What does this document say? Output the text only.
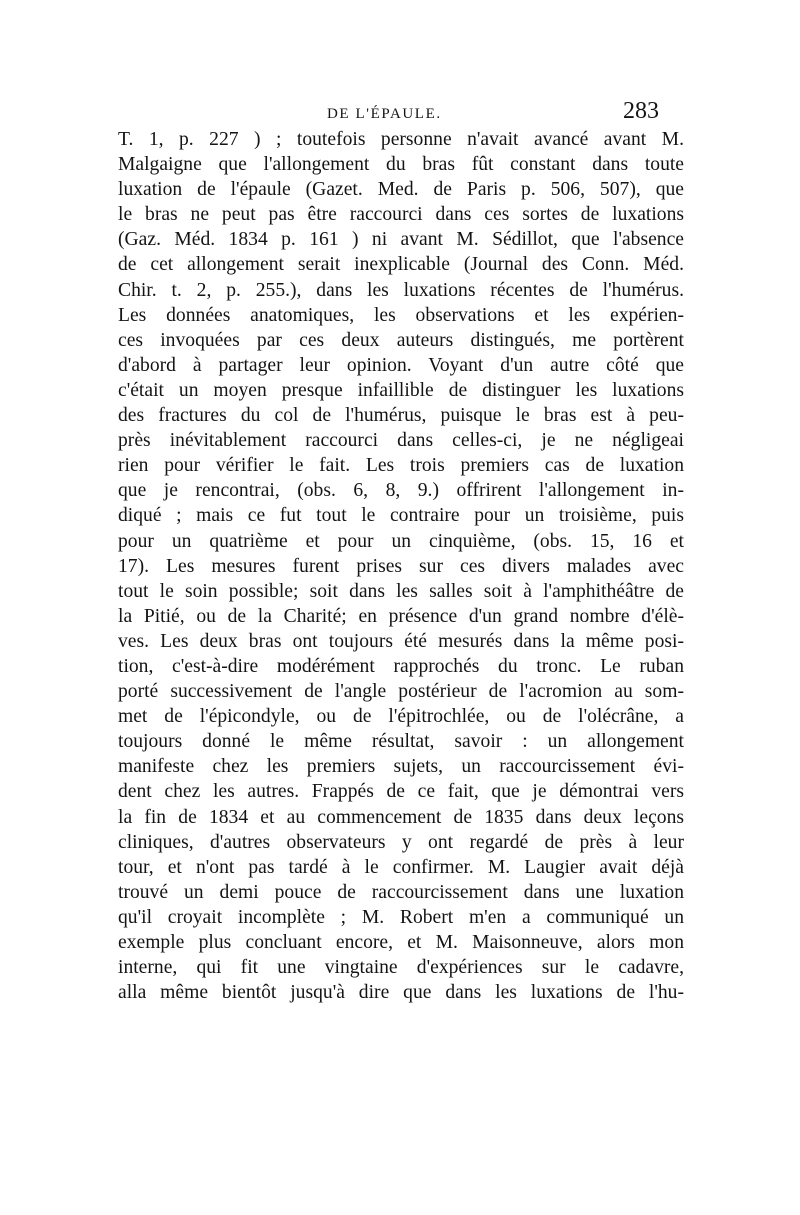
DE L'ÉPAULE.	283
T. 1, p. 227 ) ; toutefois personne n'avait avancé avant M.
Malgaigne que l'allongement du bras fût constant dans toute
luxation de l'épaule (Gazet. Med. de Paris p. 506, 507), que
le bras ne peut pas être raccourci dans ces sortes de luxations
(Gaz. Méd. 1834 p. 161 ) ni avant M. Sédillot, que l'absence
de cet allongement serait inexplicable (Journal des Conn. Méd.
Chir. t. 2, p. 255.), dans les luxations récentes de l'humérus.
Les données anatomiques, les observations et les expérien-
ces invoquées par ces deux auteurs distingués, me portèrent
d'abord à partager leur opinion. Voyant d'un autre côté que
c'était un moyen presque infaillible de distinguer les luxations
des fractures du col de l'humérus, puisque le bras est à peu-
près inévitablement raccourci dans celles-ci, je ne négligeai
rien pour vérifier le fait. Les trois premiers cas de luxation
que je rencontrai, (obs. 6, 8, 9.) offrirent l'allongement in-
diqué ; mais ce fut tout le contraire pour un troisième, puis
pour un quatrième et pour un cinquième, (obs. 15, 16 et
17). Les mesures furent prises sur ces divers malades avec
tout le soin possible; soit dans les salles soit à l'amphithéâtre de
la Pitié, ou de la Charité; en présence d'un grand nombre d'élè-
ves. Les deux bras ont toujours été mesurés dans la même posi-
tion, c'est-à-dire modérément rapprochés du tronc. Le ruban
porté successivement de l'angle postérieur de l'acromion au som-
met de l'épicondyle, ou de l'épitrochlée, ou de l'olécrâne, a
toujours donné le même résultat, savoir : un allongement
manifeste chez les premiers sujets, un raccourcissement évi-
dent chez les autres. Frappés de ce fait, que je démontrai vers
la fin de 1834 et au commencement de 1835 dans deux leçons
cliniques, d'autres observateurs y ont regardé de près à leur
tour, et n'ont pas tardé à le confirmer. M. Laugier avait déjà
trouvé un demi pouce de raccourcissement dans une luxation
qu'il croyait incomplète ; M. Robert m'en a communiqué un
exemple plus concluant encore, et M. Maisonneuve, alors mon
interne, qui fit une vingtaine d'expériences sur le cadavre,
alla même bientôt jusqu'à dire que dans les luxations de l'hu-
